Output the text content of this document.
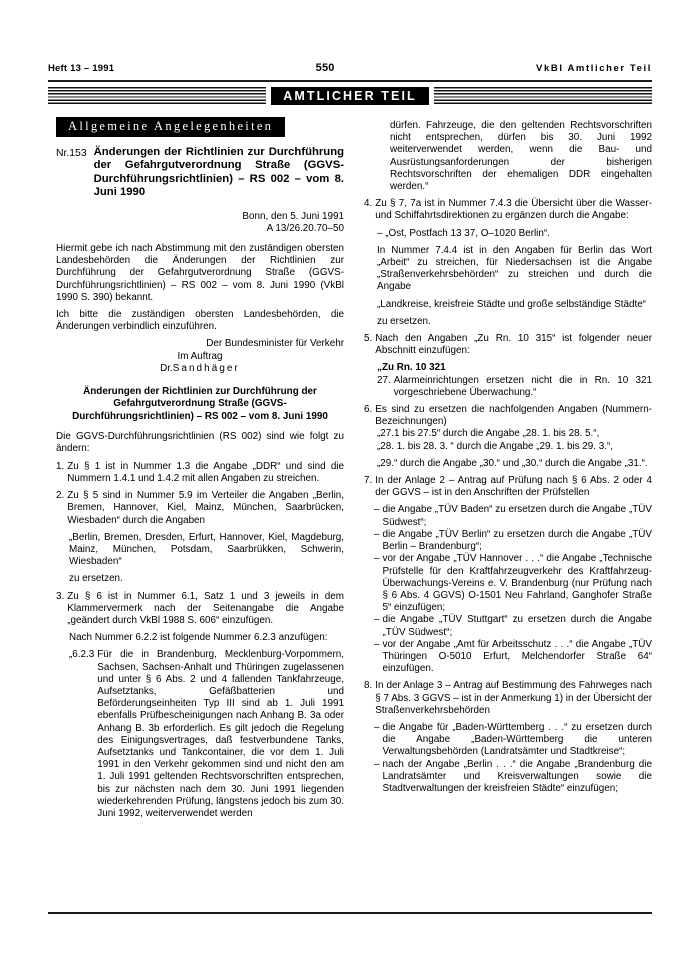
Heft 13 – 1991	550	VkBl Amtlicher Teil
AMTLICHER TEIL
Allgemeine Angelegenheiten
Nr.153 Änderungen der Richtlinien zur Durchführung der Gefahrgutverordnung Straße (GGVS-Durchführungsrichtlinien) – RS 002 – vom 8. Juni 1990

Bonn, den 5. Juni 1991

A 13/26.20.70–50

Hiermit gebe ich nach Abstimmung mit den zuständigen obersten Landesbehörden die Änderungen der Richtlinien zur Durchführung der Gefahrgutverordnung Straße (GGVS-Durchführungsrichtlinien) – RS 002 – vom 8. Juni 1990 (VkBl 1990 S. 390) bekannt.

Ich bitte die zuständigen obersten Landesbehörden, die Änderungen verbindlich einzuführen.

Der Bundesminister für Verkehr

Im Auftrag

Dr.Sandhäger

Änderungen der Richtlinien zur Durchführung der Gefahrgutverordnung Straße (GGVS-Durchführungsrichtlinien) – RS 002 – vom 8. Juni 1990

Die GGVS-Durchführungsrichtlinien (RS 002) sind wie folgt zu ändern:

1. Zu § 1 ist in Nummer 1.3 die Angabe „DDR“ und sind die Nummern 1.4.1 und 1.4.2 mit allen Angaben zu streichen.
2. Zu § 5 sind in Nummer 5.9 im Verteiler die Angaben „Berlin, Bremen, Hannover, Kiel, Mainz, München, Saarbrücken, Wiesbaden“ durch die Angaben

„Berlin, Bremen, Dresden, Erfurt, Hannover, Kiel, Magdeburg, Mainz, München, Potsdam, Saarbrükken, Schwerin, Wiesbaden“

zu ersetzen.

3. Zu § 6 ist in Nummer 6.1, Satz 1 und 3 jeweils in dem Klammervermerk nach der Seitenangabe die Angabe „geändert durch VkBl 1988 S. 606“ einzufügen.

Nach Nummer 6.2.2 ist folgende Nummer 6.2.3 anzufügen:

„6.2.3 Für die in Brandenburg, Mecklenburg-Vorpommern, Sachsen, Sachsen-Anhalt und Thüringen zugelassenen und unter § 6 Abs. 2 und 4 fallenden Tankfahrzeuge, Aufsetztanks, Gefäßbatterien und Beförderungseinheiten Typ III sind ab 1. Juli 1991 ebenfalls Prüfbescheinigungen nach Anhang B. 3a oder Anhang B. 3b erforderlich. Es gilt jedoch die Regelung des Einigungsvertrages, daß festverbundene Tanks, Aufsetztanks und Tankcontainer, die vor dem 1. Juli 1991 in den Verkehr gekommen sind und nicht den am 1. Juli 1991 geltenden Rechtsvorschriften entsprechen, bis zur nächsten nach dem 30. Juni 1991 liegenden wiederkehrenden Prüfung, längstens jedoch bis zum 30. Juni 1992, weiterverwendet werden

dürfen. Fahrzeuge, die den geltenden Rechtsvorschriften nicht entsprechen, dürfen bis 30. Juni 1992 weiterverwendet werden, wenn die Bau- und Ausrüstungsanforderungen der bisherigen Rechtsvorschriften der ehemaligen DDR eingehalten werden.“

4. Zu § 7, 7a ist in Nummer 7.4.3 die Übersicht über die Wasser- und Schiffahrtsdirektionen zu ergänzen durch die Angabe:

– „Ost, Postfach 13 37, O–1020 Berlin“.

In Nummer 7.4.4 ist in den Angaben für Berlin das Wort „Arbeit“ zu streichen, für Niedersachsen ist die Angabe „Straßenverkehrsbehörden“ zu streichen und durch die Angabe

„Landkreise, kreisfreie Städte und große selbständige Städte“

zu ersetzen.

5. Nach den Angaben „Zu Rn. 10 315“ ist folgender neuer Abschnitt einzufügen:

„Zu Rn. 10 321

27. Alarmeinrichtungen ersetzen nicht die in Rn. 10 321 vorgeschriebene Überwachung.“
6. Es sind zu ersetzen die nachfolgenden Angaben (Nummern-Bezeichnungen)

„27.1 bis 27.5“ durch die Angabe „28. 1. bis 28. 5.“,

„28. 1. bis 28. 3. “ durch die Angabe „29. 1. bis 29. 3.“,

„29.“ durch die Angabe „30.“ und „30.“ durch die Angabe „31.“.

7. In der Anlage 2 – Antrag auf Prüfung nach § 6 Abs. 2 oder 4 der GGVS – ist in den Anschriften der Prüfstellen
– die Angabe „TÜV Baden“ zu ersetzen durch die Angabe „TÜV Südwest“;
– die Angabe „TÜV Berlin“ zu ersetzen durch die Angabe „TÜV Berlin – Brandenburg“;
– vor der Angabe „TÜV Hannover . . .“ die Angabe „Technische Prüfstelle für den Kraftfahrzeugverkehr des Kraftfahrzeug-Überwachungs-Vereins e. V. Brandenburg (nur Prüfung nach § 6 Abs. 4 GGVS) O-1501 Neu Fahrland, Ganghofer Straße 5“ einzufügen;
– die Angabe „TÜV Stuttgart“ zu ersetzen durch die Angabe „TÜV Südwest“;
– vor der Angabe „Amt für Arbeitsschutz . . .“ die Angabe „TÜV Thüringen O-5010 Erfurt, Melchendorfer Straße 64“ einzufügen.
8. In der Anlage 3 – Antrag auf Bestimmung des Fahrweges nach § 7 Abs. 3 GGVS – ist in der Anmerkung 1) in der Übersicht der Straßenverkehrsbehörden
– die Angabe für „Baden-Württemberg . . .“ zu ersetzen durch die Angabe „Baden-Württemberg die unteren Verwaltungsbehörden (Landratsämter und Stadtkreise“;
– nach der Angabe „Berlin . . .“ die Angabe „Brandenburg die Landratsämter und Kreisverwaltungen sowie die Stadtverwaltungen der kreisfreien Städte“ einzufügen;
